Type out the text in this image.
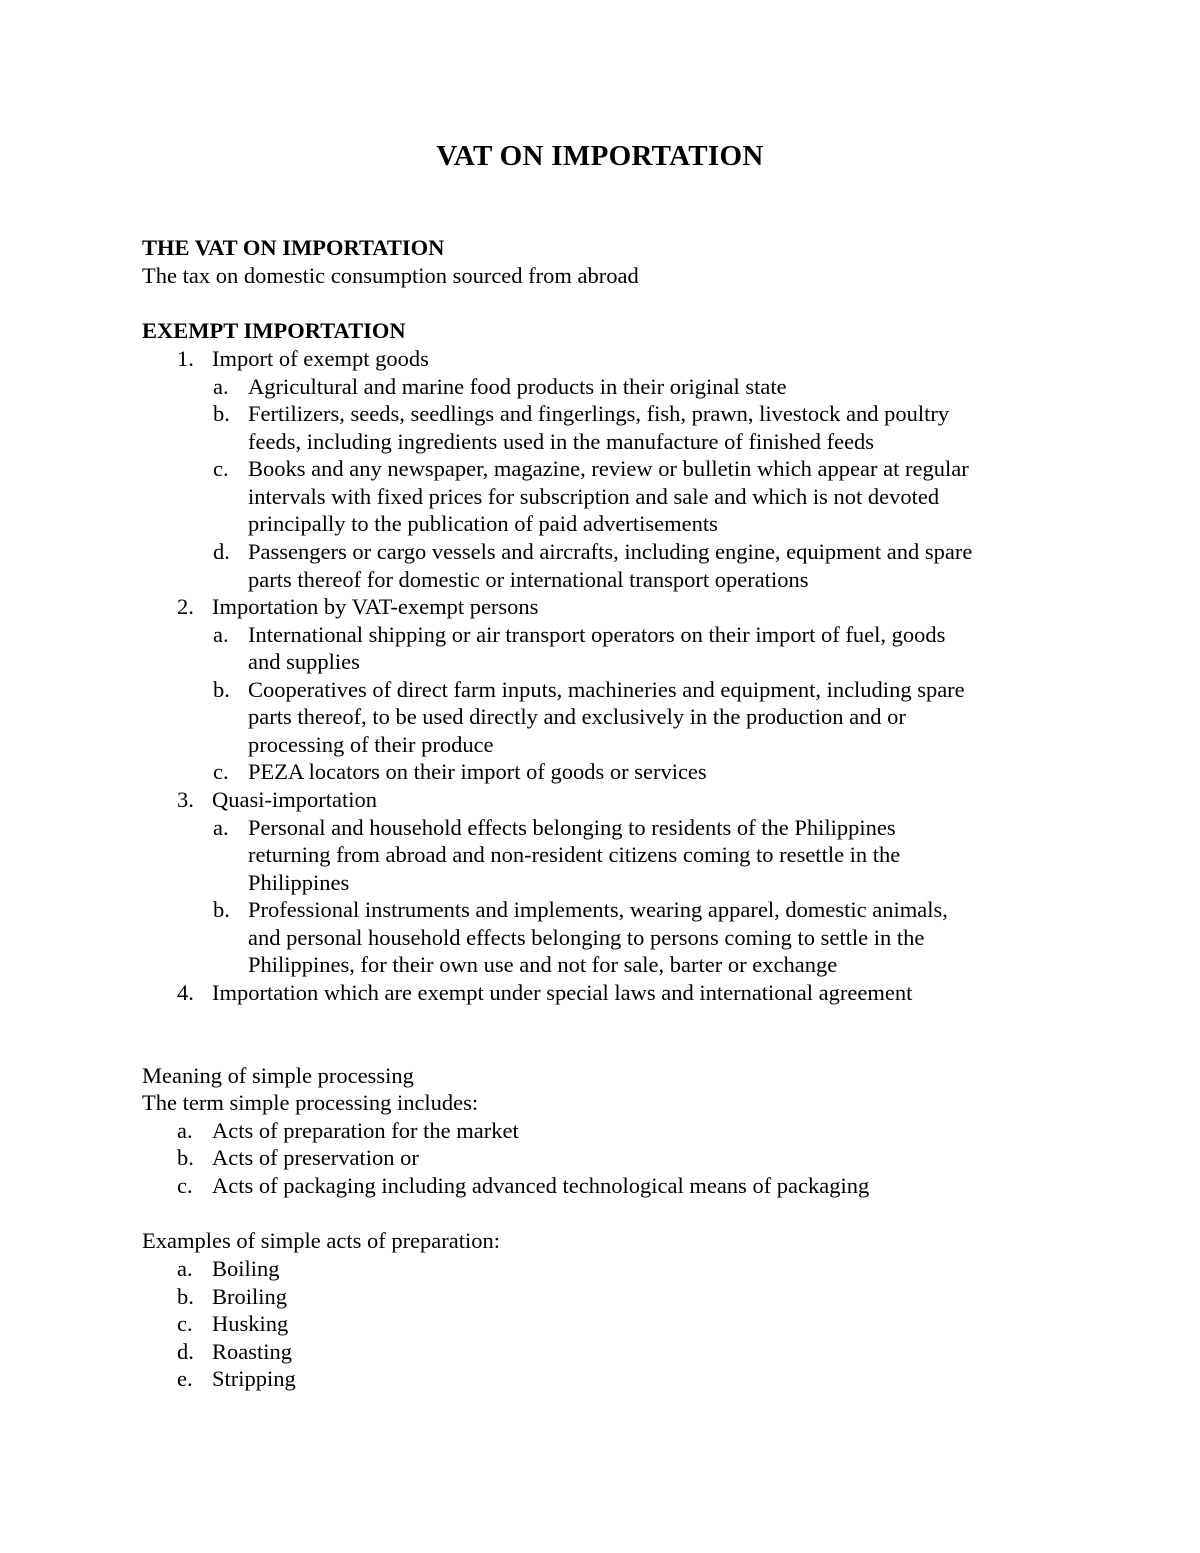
VAT ON IMPORTATION
THE VAT ON IMPORTATION
The tax on domestic consumption sourced from abroad
EXEMPT IMPORTATION
1. Import of exempt goods
a. Agricultural and marine food products in their original state
b. Fertilizers, seeds, seedlings and fingerlings, fish, prawn, livestock and poultry
feeds, including ingredients used in the manufacture of finished feeds
c. Books and any newspaper, magazine, review or bulletin which appear at regular
intervals with fixed prices for subscription and sale and which is not devoted
principally to the publication of paid advertisements
d. Passengers or cargo vessels and aircrafts, including engine, equipment and spare
parts thereof for domestic or international transport operations
2. Importation by VAT-exempt persons
a. International shipping or air transport operators on their import of fuel, goods
and supplies
b. Cooperatives of direct farm inputs, machineries and equipment, including spare
parts thereof, to be used directly and exclusively in the production and or
processing of their produce
c. PEZA locators on their import of goods or services
3. Quasi-importation
a. Personal and household effects belonging to residents of the Philippines
returning from abroad and non-resident citizens coming to resettle in the
Philippines
b. Professional instruments and implements, wearing apparel, domestic animals,
and personal household effects belonging to persons coming to settle in the
Philippines, for their own use and not for sale, barter or exchange
4. Importation which are exempt under special laws and international agreement
Meaning of simple processing
The term simple processing includes:
a. Acts of preparation for the market
b. Acts of preservation or
c. Acts of packaging including advanced technological means of packaging
Examples of simple acts of preparation:
a. Boiling
b. Broiling
c. Husking
d. Roasting
e. Stripping
